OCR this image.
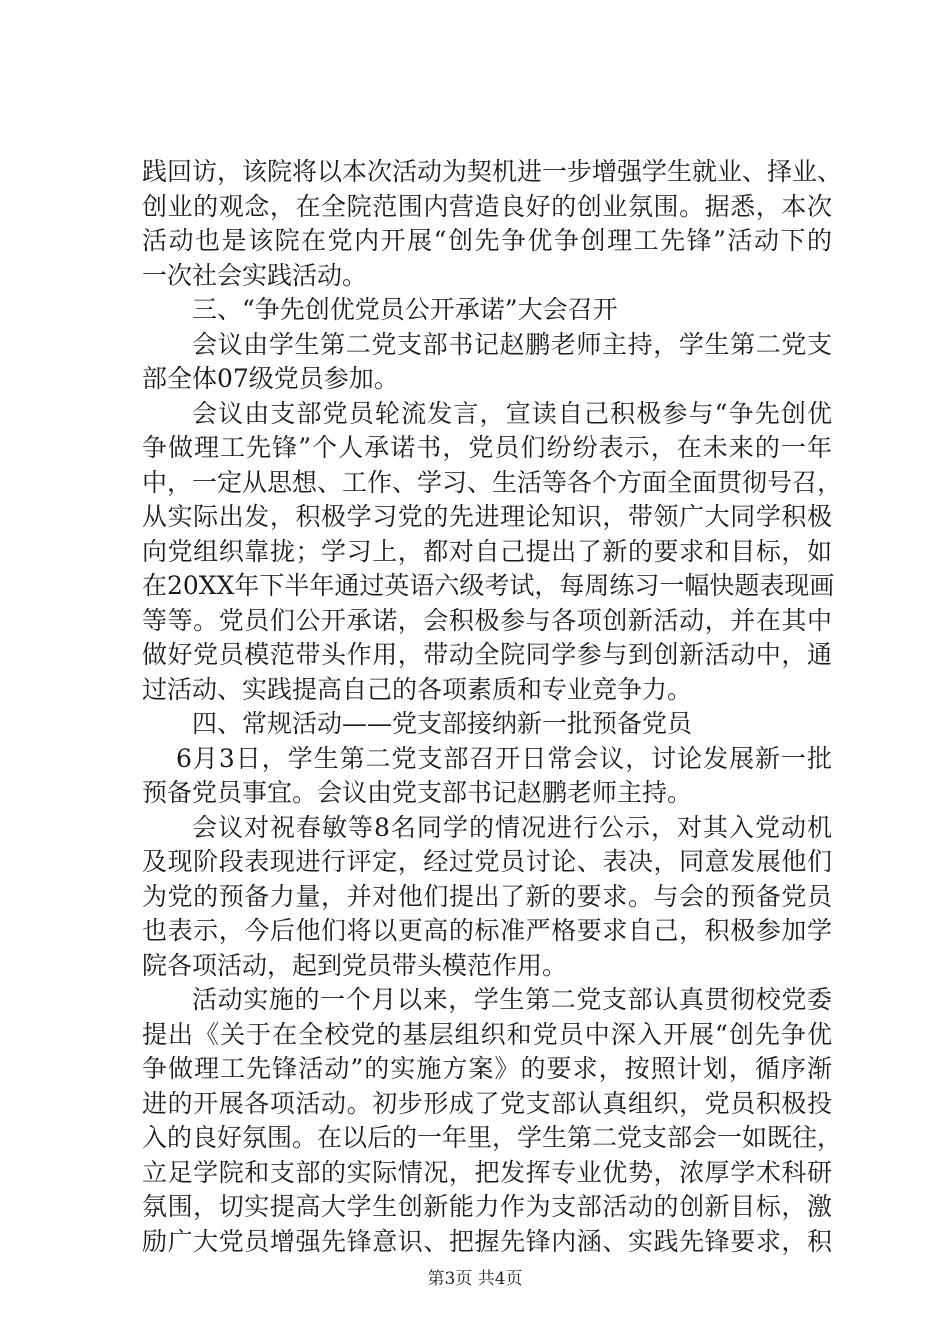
践回访，该院将以本次活动为契机进一步增强学生就业、择业、
创业的观念，在全院范围内营造良好的创业氛围。据悉，本次
活动也是该院在党内开展“创先争优争创理工先锋”活动下的
一次社会实践活动。
三、“争先创优党员公开承诺”大会召开
会议由学生第二党支部书记赵鹏老师主持，学生第二党支
部全体07级党员参加。
会议由支部党员轮流发言，宣读自己积极参与“争先创优
争做理工先锋”个人承诺书，党员们纷纷表示，在未来的一年
中，一定从思想、工作、学习、生活等各个方面全面贯彻号召，
从实际出发，积极学习党的先进理论知识，带领广大同学积极
向党组织靠拢；学习上，都对自己提出了新的要求和目标，如
在20XX年下半年通过英语六级考试，每周练习一幅快题表现画
等等。党员们公开承诺，会积极参与各项创新活动，并在其中
做好党员模范带头作用，带动全院同学参与到创新活动中，通
过活动、实践提高自己的各项素质和专业竞争力。
四、常规活动——党支部接纳新一批预备党员
6月3日，学生第二党支部召开日常会议，讨论发展新一批
预备党员事宜。会议由党支部书记赵鹏老师主持。
会议对祝春敏等8名同学的情况进行公示，对其入党动机
及现阶段表现进行评定，经过党员讨论、表决，同意发展他们
为党的预备力量，并对他们提出了新的要求。与会的预备党员
也表示，今后他们将以更高的标准严格要求自己，积极参加学
院各项活动，起到党员带头模范作用。
活动实施的一个月以来，学生第二党支部认真贯彻校党委
提出《关于在全校党的基层组织和党员中深入开展“创先争优
争做理工先锋活动”的实施方案》的要求，按照计划，循序渐
进的开展各项活动。初步形成了党支部认真组织，党员积极投
入的良好氛围。在以后的一年里，学生第二党支部会一如既往，
立足学院和支部的实际情况，把发挥专业优势，浓厚学术科研
氛围，切实提高大学生创新能力作为支部活动的创新目标，激
励广大党员增强先锋意识、把握先锋内涵、实践先锋要求，积
第3页 共4页
